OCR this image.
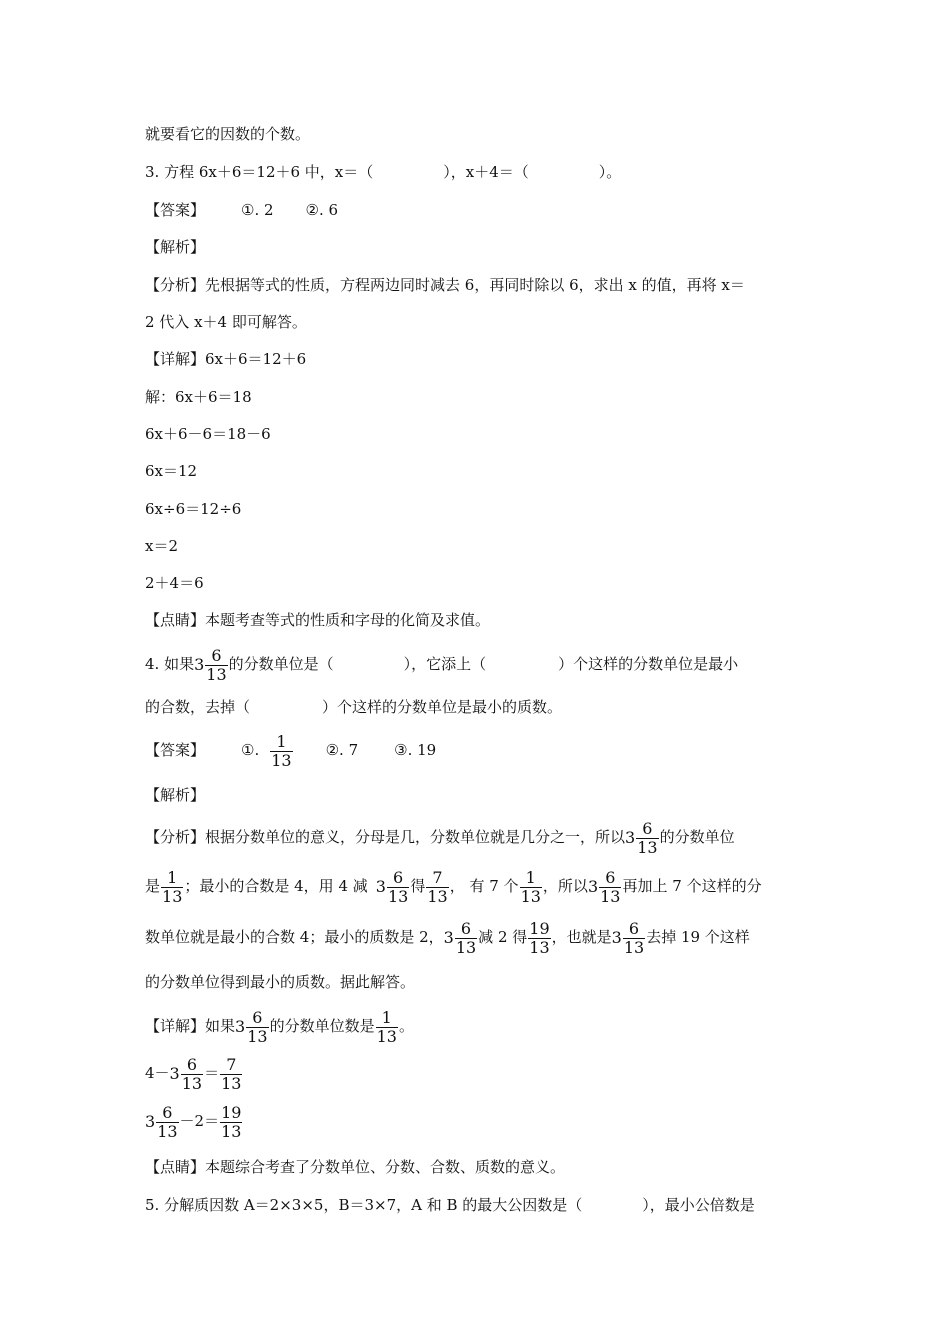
就要看它的因数的个数。
3. 方程 6x＋6＝12＋6 中，x＝（	），x＋4＝（	）。
【答案】 ①. 2 ②. 6
【解析】
【分析】先根据等式的性质，方程两边同时减去 6，再同时除以 6，求出 x 的值，再将 x＝
2 代入 x＋4 即可解答。
【详解】6x＋6＝12＋6
解：6x＋6＝18
6x＋6－6＝18－6
6x＝12
6x÷6＝12÷6
x＝2
2＋4＝6
【点睛】本题考查等式的性质和字母的化简及求值。
4. 如果$3 \frac{6}{13}$ 的分数单位是（	），它添上（	）个这样的分数单位是最小
的合数，去掉（	）个这样的分数单位是最小的质数。
【答案】 ①. $\frac{1}{13}$ ②. 7 ③. 19
【解析】
【分析】根据分数单位的意义，分母是几，分数单位就是几分之一，所以$3 \frac{6}{13}$ 的分数单位
是 $\frac{1}{13}$ ；最小的合数是 4，用 4 减 $3 \frac{6}{13}$ 得 $\frac{7}{13}$ ， 有 7 个 $\frac{1}{13}$ ，所以$3 \frac{6}{13}$ 再加上 7 个这样的分
数单位就是最小的合数 4；最小的质数是 2，$3 \frac{6}{13}$ 减 2 得 $\frac{19}{13}$ ，也就是$3 \frac{6}{13}$ 去掉 19 个这样
的分数单位得到最小的质数。据此解答。
【详解】如果$3 \frac{6}{13}$ 的分数单位数是 $\frac{1}{13}$ 。
$4-3 \frac{6}{13} = \frac{7}{13}$
$3 \frac{6}{13} -2= \frac{19}{13}$
【点睛】本题综合考查了分数单位、分数、合数、质数的意义。
5. 分解质因数 A＝2×3×5，B＝3×7，A 和 B 的最大公因数是（	），最小公倍数是
